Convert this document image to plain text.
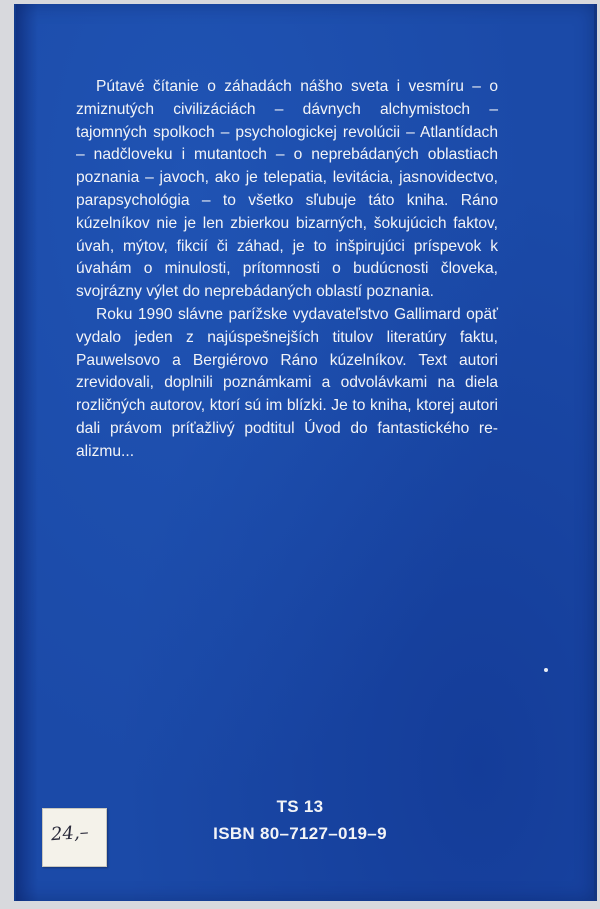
Pútavé čítanie o záhadách nášho sveta i vesmíru – o zmiznutých civilizáciách – dávnych alchymistoch – tajomných spolkoch – psychologickej revolúcii – Atlantídach – nadčloveku i mutantoch – o neprebádaných oblastiach poznania – javoch, ako je telepatia, levitácia, jasnovidectvo, parapsychológia – to všetko sľubuje táto kniha. Ráno kúzelníkov nie je len zbierkou bizarných, šokujúcich faktov, úvah, mýtov, fikcií či záhad, je to inšpirujúci príspevok k úvahám o minulosti, prítomnosti o budúcnosti človeka, svojrázny výlet do neprebádaných oblastí poznania.

Roku 1990 slávne parížske vydavateľstvo Gallimard opäť vydalo jeden z najúspešnejších titulov literatúry faktu, Pauwelsovo a Bergiérovo Ráno kúzelníkov. Text autori zrevidovali, doplnili poznámkami a odvolávkami na diela rozličných autorov, ktorí sú im blízki. Je to kniha, ktorej autori dali právom príťažlivý podtitul Úvod do fantastického realizmu...

TS 13
ISBN 80–7127–019–9
24,–
